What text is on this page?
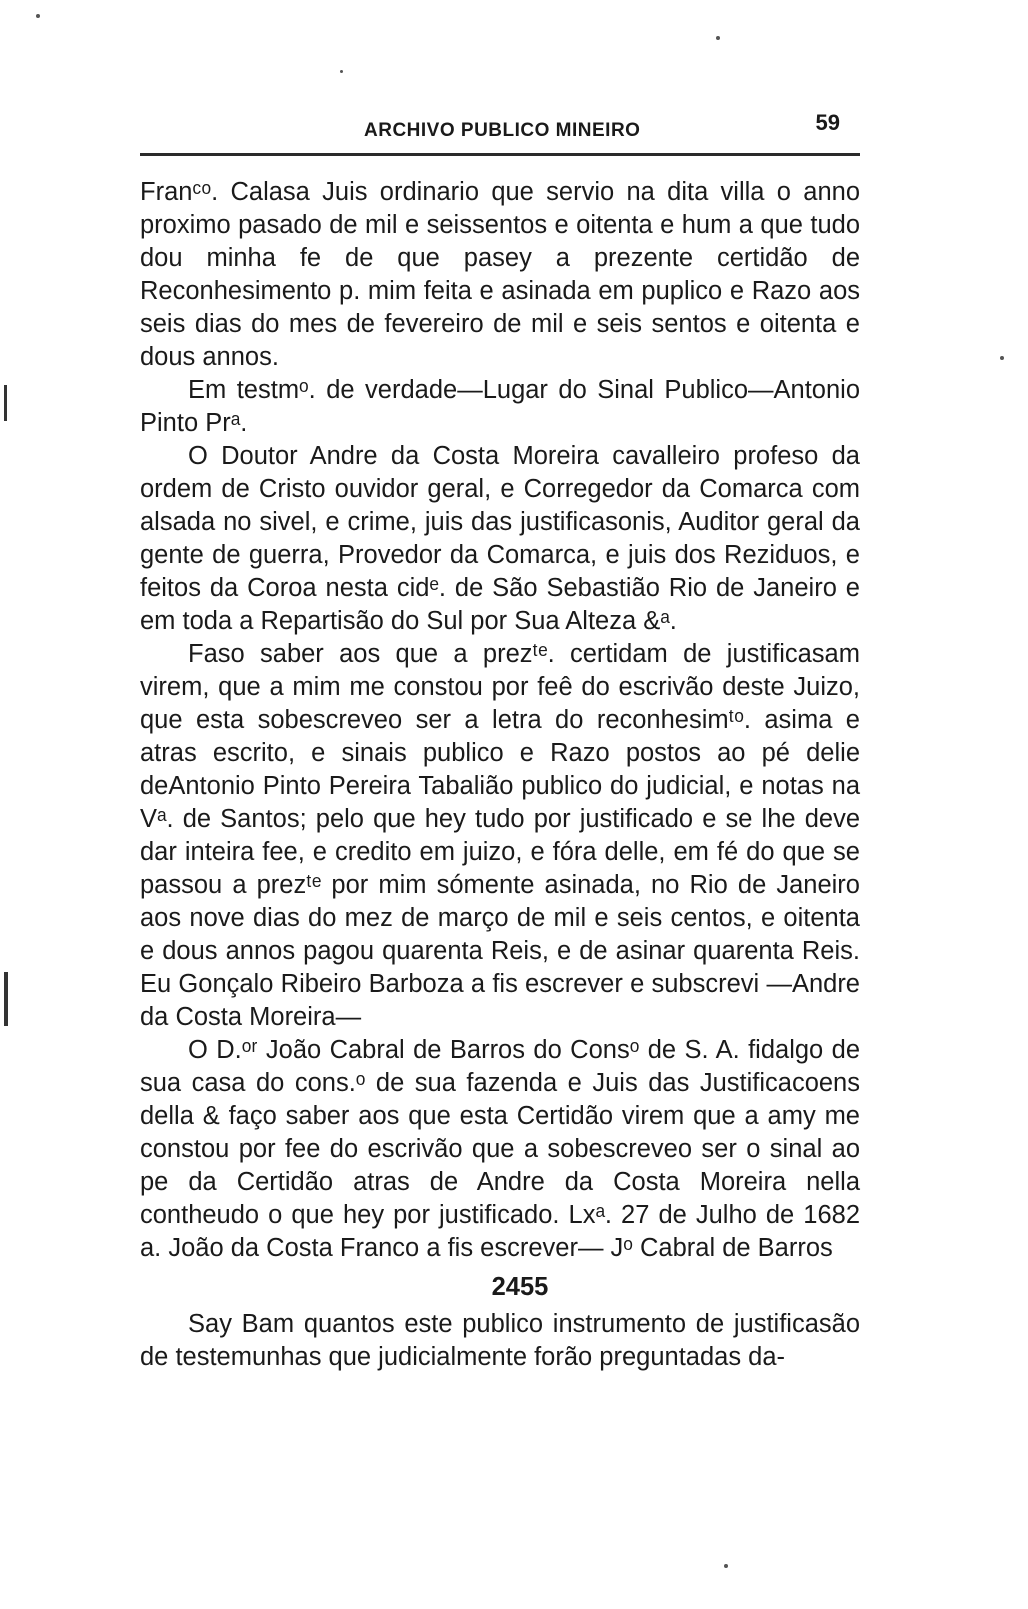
ARCHIVO PUBLICO MINEIRO	59

Franᶜᵒ. Calasa Juis ordinario que servio na dita villa o anno proximo pasado de mil e seissentos e oitenta e hum a que tudo dou minha fe de que pasey a prezente certidão de Reconhesimento p. mim feita e asinada em puplico e Razo aos seis dias do mes de fevereiro de mil e seis sentos e oitenta e dous annos.

Em testmᵒ. de verdade—Lugar do Sinal Publico—Antonio Pinto Prᵃ.

O Doutor Andre da Costa Moreira cavalleiro profeso da ordem de Cristo ouvidor geral, e Corregedor da Comarca com alsada no sivel, e crime, juis das justificasonis, Auditor geral da gente de guerra, Provedor da Comarca, e juis dos Reziduos, e feitos da Coroa nesta cidᵉ. de São Sebastião Rio de Janeiro e em toda a Repartisão do Sul por Sua Alteza &ᵃ.

Faso saber aos que a prezᵗᵉ. certidam de justificasam virem, que a mim me constou por feê do escrivão deste Juizo, que esta sobescreveo ser a letra do reconhesimᵗᵒ. asima e atras escrito, e sinais publico e Razo postos ao pé delie deAntonio Pinto Pereira Tabalião publico do judicial, e notas na Vᵃ. de Santos; pelo que hey tudo por justificado e se lhe deve dar inteira fee, e credito em juizo, e fóra delle, em fé do que se passou a prezᵗᵉ por mim sómente asinada, no Rio de Janeiro aos nove dias do mez de março de mil e seis centos, e oitenta e dous annos pagou quarenta Reis, e de asinar quarenta Reis. Eu Gonçalo Ribeiro Barboza a fis escrever e subscrevi —Andre da Costa Moreira—

O D.ᵒʳ João Cabral de Barros do Consᵒ de S. A. fidalgo de sua casa do cons.ᵒ de sua fazenda e Juis das Justificacoens della & faço saber aos que esta Certidão virem que a amy me constou por fee do escrivão que a sobescreveo ser o sinal ao pe da Certidão atras de Andre da Costa Moreira nella contheudo o que hey por justificado. Lxᵃ. 27 de Julho de 1682 a. João da Costa Franco a fis escrever— Jᵒ Cabral de Barros

2455

Say Bam quantos este publico instrumento de justificasão de testemunhas que judicialmente forão preguntadas da-
